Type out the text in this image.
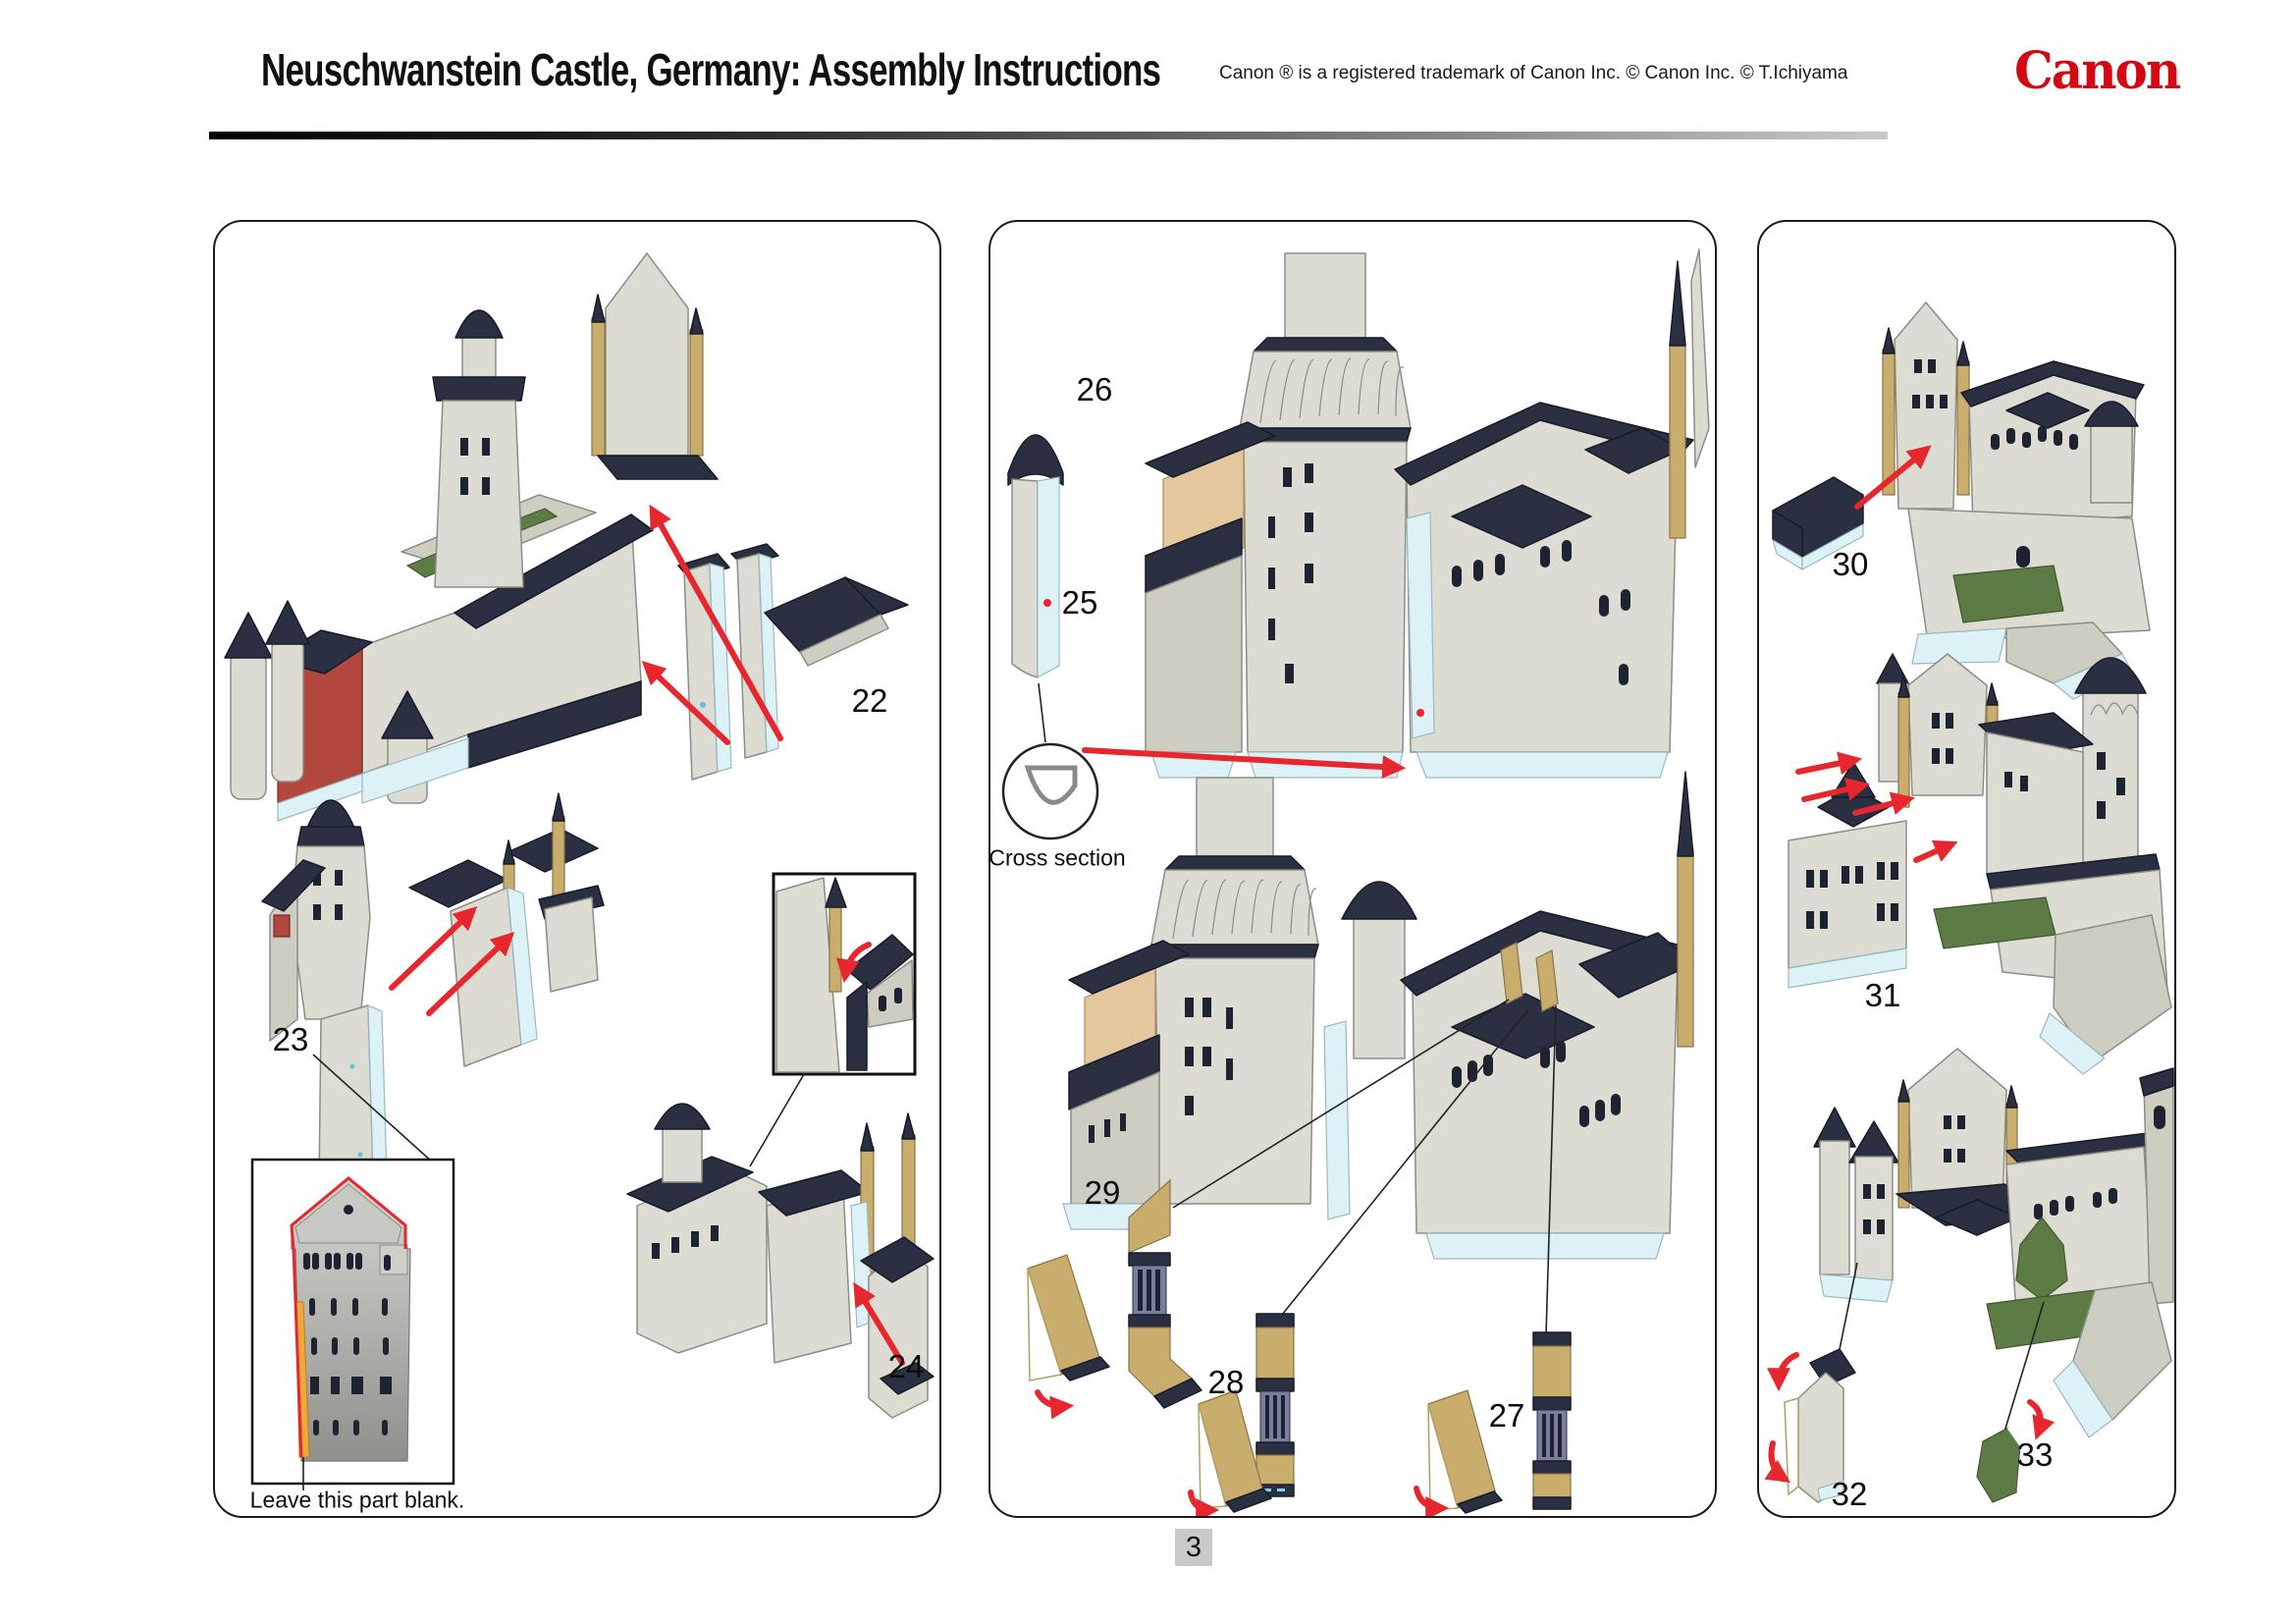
Neuschwanstein Castle, Germany: Assembly Instructions	Canon ® is a registered trademark of Canon Inc. © Canon Inc. © T.Ichiyama	Canon
22
23
24
Leave this part blank.
26
25
Cross section
29
28
27
30
31
32
33
3
